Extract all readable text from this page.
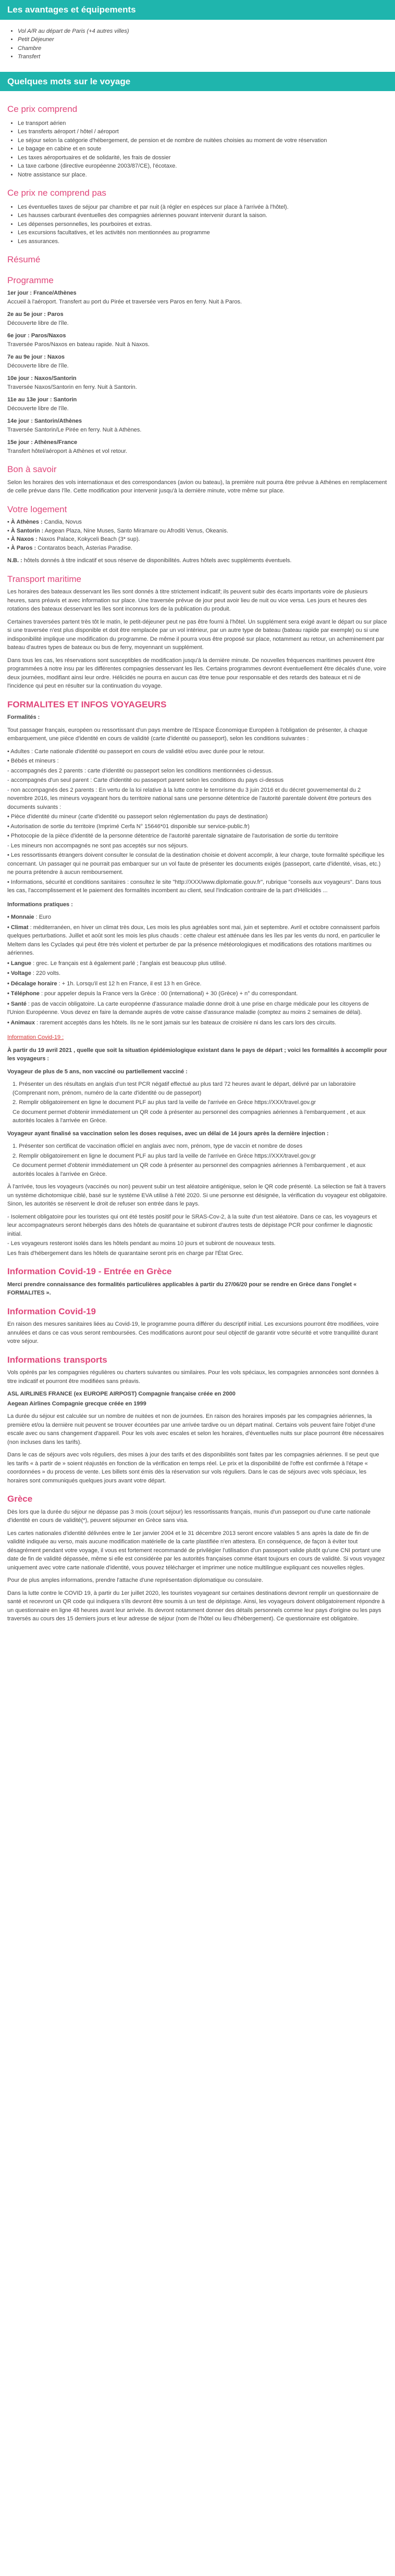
Les avantages et équipements
• Vol A/R au départ de Paris (+4 autres villes)
• Petit Déjeuner
• Chambre
• Transfert
Quelques mots sur le voyage
Ce prix comprend
• Le transport aérien
• Les transferts aéroport / hôtel / aéroport
• Le séjour selon la catégorie d'hébergement, de pension et de nombre de nuitées choisies au moment de votre réservation
• Le bagage en cabine et en soute
• Les taxes aéroportuaires et de solidarité, les frais de dossier
• La taxe carbone (directive européenne 2003/87/CE), l'écotaxe.
• Notre assistance sur place.
Ce prix ne comprend pas
• Les éventuelles taxes de séjour par chambre et par nuit (à régler en espèces sur place à l'arrivée à l'hôtel).
• Les hausses carburant éventuelles des compagnies aériennes pouvant intervenir durant la saison.
• Les dépenses personnelles, les pourboires et extras.
• Les excursions facultatives, et les activités non mentionnées au programme
• Les assurances.
Résumé
Programme

1er jour : France/Athènes
Accueil à l'aéroport. Transfert au port du Pirée et traversée vers Paros en ferry. Nuit à Paros.

2e au 5e jour : Paros
Découverte libre de l'île.

6e jour : Paros/Naxos
Traversée Paros/Naxos en bateau rapide. Nuit à Naxos.

7e au 9e jour : Naxos
Découverte libre de l'île.

10e jour : Naxos/Santorin
Traversée Naxos/Santorin en ferry. Nuit à Santorin.

11e au 13e jour : Santorin
Découverte libre de l'île.

14e jour : Santorin/Athènes
Traversée Santorin/Le Pirée en ferry. Nuit à Athènes.

15e jour : Athènes/France
Transfert hôtel/aéroport à Athènes et vol retour.

Bon à savoir

Selon les horaires des vols internationaux et des correspondances (avion ou bateau), la première nuit pourra être prévue à Athènes en remplacement de celle prévue dans l'île. Cette modification pour intervenir jusqu'à la dernière minute, votre même sur place.

Votre logement

• À Athènes : Candia, Novus
• À Santorin : Aegean Plaza, Nine Muses, Santo Miramare ou Afroditi Venus, Okeanis.
• À Naxos : Naxos Palace, Kokyceli Beach (3* sup).
• À Paros : Contaratos beach, Asterias Paradise.

N.B. : hôtels donnés à titre indicatif et sous réserve de disponibilités. Autres hôtels avec suppléments éventuels.

Transport maritime

Les horaires des bateaux desservant les îles sont donnés à titre strictement indicatif; ils peuvent subir des écarts importants voire de plusieurs heures, sans préavis et avec information sur place. Une traversée prévue de jour peut avoir lieu de nuit ou vice versa. Les jours et heures des rotations des bateaux desservant les îles sont inconnus lors de la publication du produit.

Certaines traversées partent très tôt le matin, le petit-déjeuner peut ne pas être fourni à l'hôtel. Un supplément sera exigé avant le départ ou sur place si une traversée n'est plus disponible et doit être remplacée par un vol intérieur, par un autre type de bateau (bateau rapide par exemple) ou si une indisponibilité implique une modification du programme. De même il pourra vous être proposé sur place, notamment au retour, un acheminement par bateau d'autres types de bateaux ou bus de ferry, moyennant un supplément.

Dans tous les cas, les réservations sont susceptibles de modification jusqu'à la dernière minute. De nouvelles fréquences maritimes peuvent être programmées à notre insu par les différentes compagnies desservant les îles. Certains programmes devront éventuellement être décalés d'une, voire deux journées, modifiant ainsi leur ordre. Hélicidés ne pourra en aucun cas être tenue pour responsable et des retards des bateaux et ni de l'incidence qui peut en résulter sur la continuation du voyage.

FORMALITES ET INFOS VOYAGEURS

Formalités :

Tout passager français, européen ou ressortissant d'un pays membre de l'Espace Économique Européen à l'obligation de présenter, à chaque embarquement, une pièce d'identité en cours de validité (carte d'identité ou passeport), selon les conditions suivantes :

• Adultes : Carte nationale d'identité ou passeport en cours de validité et/ou avec durée pour le retour.

• Bébés et mineurs :

- accompagnés des 2 parents : carte d'identité ou passeport selon les conditions mentionnées ci-dessus.

- accompagnés d'un seul parent : Carte d'identité ou passeport parent selon les conditions du pays ci-dessus

- non accompagnés des 2 parents : En vertu de la loi relative à la lutte contre le terrorisme du 3 juin 2016 et du décret gouvernemental du 2 novembre 2016, les mineurs voyageant hors du territoire national sans une personne détentrice de l'autorité parentale doivent être porteurs des documents suivants :

• Pièce d'identité du mineur (carte d'identité ou passeport selon réglementation du pays de destination)

• Autorisation de sortie du territoire (Imprimé Cerfa N° 15646*01 disponible sur service-public.fr)

• Photocopie de la pièce d'identité de la personne détentrice de l'autorité parentale signataire de l'autorisation de sortie du territoire

- Les mineurs non accompagnés ne sont pas acceptés sur nos séjours.

• Les ressortissants étrangers doivent consulter le consulat de la destination choisie et doivent accomplir, à leur charge, toute formalité spécifique les concernant. Un passager qui ne pourrait pas embarquer sur un vol faute de présenter les documents exigés (passeport, carte d'identité, visas, etc.) ne pourra prétendre à aucun remboursement.

• Informations, sécurité et conditions sanitaires : consultez le site "http://XXX/www.diplomatie.gouv.fr", rubrique "conseils aux voyageurs". Dans tous les cas, l'accomplissement et le paiement des formalités incombent au client, seul l'indication contraire de la part d'Hélicidés ...

Informations pratiques :

• Monnaie : Euro

• Climat : méditerranéen, en hiver un climat très doux, Les mois les plus agréables sont mai, juin et septembre. Avril et octobre connaissent parfois quelques perturbations. Juillet et août sont les mois les plus chauds : cette chaleur est atténuée dans les îles par les vents du nord, en particulier le Meltem dans les Cyclades qui peut être très violent et perturber de par la présence météorologiques et modifications des rotations maritimes ou aériennes.

• Langue : grec. Le français est à également parlé ; l'anglais est beaucoup plus utilisé.

• Voltage : 220 volts.

• Décalage horaire : + 1h. Lorsqu'il est 12 h en France, il est 13 h en Grèce.

• Téléphone : pour appeler depuis la France vers la Grèce : 00 (international) + 30 (Grèce) + n° du correspondant.

• Santé : pas de vaccin obligatoire. La carte européenne d'assurance maladie donne droit à une prise en charge médicale pour les citoyens de l'Union Européenne. Vous devez en faire la demande auprès de votre caisse d'assurance maladie (comptez au moins 2 semaines de délai).

• Animaux : rarement acceptés dans les hôtels. Ils ne le sont jamais sur les bateaux de croisière ni dans les cars lors des circuits.

Information Covid-19 :

À partir du 19 avril 2021 , quelle que soit la situation épidémiologique existant dans le pays de départ ; voici les formalités à accomplir pour les voyageurs :

Voyageur de plus de 5 ans, non vacciné ou partiellement vacciné :

1. Présenter un des résultats en anglais d'un test PCR négatif effectué au plus tard 72 heures avant le départ, délivré par un laboratoire (Comprenant nom, prénom, numéro de la carte d'identité ou de passeport)

2. Remplir obligatoirement en ligne le document PLF au plus tard la veille de l'arrivée en Grèce https://XXX/travel.gov.gr

Ce document permet d'obtenir immédiatement un QR code à présenter au personnel des compagnies aériennes à l'embarquement , et aux autorités locales à l'arrivée en Grèce.

Voyageur ayant finalisé sa vaccination selon les doses requises, avec un délai de 14 jours après la dernière injection :

1. Présenter son certificat de vaccination officiel en anglais avec nom, prénom, type de vaccin et nombre de doses

2. Remplir obligatoirement en ligne le document PLF au plus tard la veille de l'arrivée en Grèce https://XXX/travel.gov.gr

Ce document permet d'obtenir immédiatement un QR code à présenter au personnel des compagnies aériennes à l'embarquement , et aux autorités locales à l'arrivée en Grèce.

À l'arrivée, tous les voyageurs (vaccinés ou non) peuvent subir un test aléatoire antigénique, selon le QR code présenté. La sélection se fait à travers un système dichotomique ciblé, basé sur le système EVA utilisé à l'été 2020. Si une personne est désignée, la vérification du voyageur est obligatoire. Sinon, les autorités se réservent le droit de refuser son entrée dans le pays.

- Isolement obligatoire pour les touristes qui ont été testés positif pour le SRAS-Cov-2, à la suite d'un test aléatoire. Dans ce cas, les voyageurs et leur accompagnateurs seront hébergés dans des hôtels de quarantaine et subiront d'autres tests de dépistage PCR pour confirmer le diagnostic initial.

- Les voyageurs resteront isolés dans les hôtels pendant au moins 10 jours et subiront de nouveaux tests.

Les frais d'hébergement dans les hôtels de quarantaine seront pris en charge par l'État Grec.

Information Covid-19 - Entrée en Grèce

Merci prendre connaissance des formalités particulières applicables à partir du 27/06/20 pour se rendre en Grèce dans l'onglet « FORMALITES ».

Information Covid-19

En raison des mesures sanitaires liées au Covid-19, le programme pourra différer du descriptif initial. Les excursions pourront être modifiées, voire annulées et dans ce cas vous seront remboursées. Ces modifications auront pour seul objectif de garantir votre sécurité et votre tranquillité durant votre séjour.

Informations transports

Vols opérés par les compagnies régulières ou charters suivantes ou similaires. Pour les vols spéciaux, les compagnies annoncées sont données à titre indicatif et pourront être modifiées sans préavis.

ASL AIRLINES FRANCE (ex EUROPE AIRPOST) Compagnie française créée en 2000

Aegean Airlines Compagnie grecque créée en 1999

La durée du séjour est calculée sur un nombre de nuitées et non de journées. En raison des horaires imposés par les compagnies aériennes, la première et/ou la dernière nuit peuvent se trouver écourtées par une arrivée tardive ou un départ matinal. Certains vols peuvent faire l'objet d'une escale avec ou sans changement d'appareil. Pour les vols avec escales et selon les horaires, d'éventuelles nuits sur place pourront être nécessaires (non incluses dans les tarifs).

Dans le cas de séjours avec vols réguliers, des mises à jour des tarifs et des disponibilités sont faites par les compagnies aériennes. Il se peut que les tarifs « à partir de » soient réajustés en fonction de la vérification en temps réel. Le prix et la disponibilité de l'offre est confirmée à l'étape « coordonnées » du process de vente. Les billets sont émis dès la réservation sur vols réguliers. Dans le cas de séjours avec vols spéciaux, les horaires sont communiqués quelques jours avant votre départ.

Grèce

Dès lors que la durée du séjour ne dépasse pas 3 mois (court séjour) les ressortissants français, munis d'un passeport ou d'une carte nationale d'identité en cours de validité(*), peuvent séjourner en Grèce sans visa.

Les cartes nationales d'identité délivrées entre le 1er janvier 2004 et le 31 décembre 2013 seront encore valables 5 ans après la date de fin de validité indiquée au verso, mais aucune modification matérielle de la carte plastifiée n'en attestera. En conséquence, de façon à éviter tout désagrément pendant votre voyage, il vous est fortement recommandé de privilégier l'utilisation d'un passeport valide plutôt qu'une CNI portant une date de fin de validité dépassée, même si elle est considérée par les autorités françaises comme étant toujours en cours de validité. Si vous voyagez uniquement avec votre carte nationale d'identité, vous pouvez télécharger et imprimer une notice multilingue expliquant ces nouvelles règles.

Pour de plus amples informations, prendre l'attache d'une représentation diplomatique ou consulaire.

Dans la lutte contre le COVID 19, à partir du 1er juillet 2020, les touristes voyageant sur certaines destinations devront remplir un questionnaire de santé et recevront un QR code qui indiquera s'ils devront être soumis à un test de dépistage. Ainsi, les voyageurs doivent obligatoirement répondre à un questionnaire en ligne 48 heures avant leur arrivée. Ils devront notamment donner des détails personnels comme leur pays d'origine ou les pays traversés au cours des 15 derniers jours et leur adresse de séjour (nom de l'hôtel ou lieu d'hébergement). Ce questionnaire est obligatoire.
